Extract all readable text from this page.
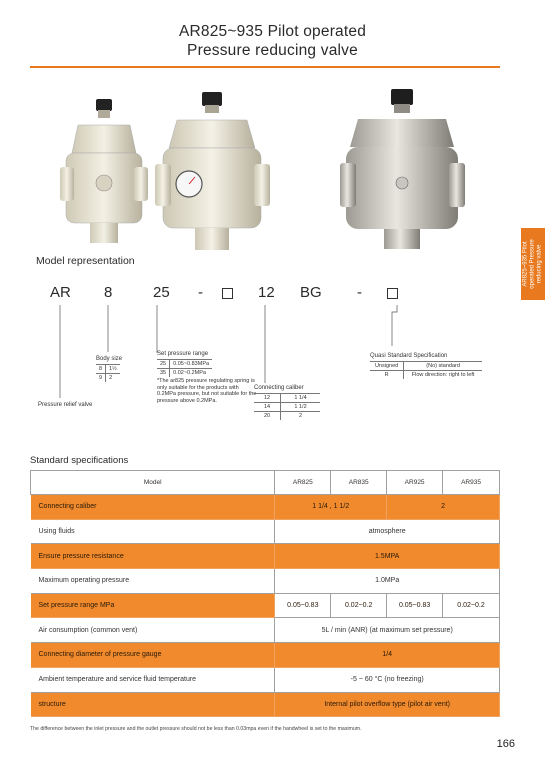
AR825~935 Pilot operated
Pressure reducing valve
AR825~935 Pilot
operated Pressure
reducing valve
Model representation
AR 8	25 -	12 BG -
Pressure relief valve
Body size
8	1½
9	2
Set pressure range
25	0.05~0.83MPa
35	0.02~0.2MPa
*The ar825 pressure regulating spring is only suitable for the products with 0.2MPa pressure, but not suitable for the pressure above 0.2MPa.
Connecting caliber
12	1 1/4
14	1 1/2
20	2
Quasi Standard Specification
Unsigned	(No) standard
R	Flow direction: right to left
Standard specifications
Model	AR825	AR835	AR925	AR935
Connecting caliber	1 1/4 , 1 1/2		2	
Using fluids	atmosphere			
Ensure pressure resistance	1.5MPA			
Maximum operating pressure	1.0MPa			
Set pressure range MPa	0.05~0.83	0.02~0.2	0.05~0.83	0.02~0.2
Air consumption (common vent)	5L / min (ANR) (at maximum set pressure)			
Connecting diameter of pressure gauge	1/4			
Ambient temperature and service fluid temperature	-5 ~ 60 °C (no freezing)			
structure	Internal pilot overflow type (pilot air vent)			
The difference between the inlet pressure and the outlet pressure should not be less than 0.03mpa even if the handwheel is set to the maximum.
166
